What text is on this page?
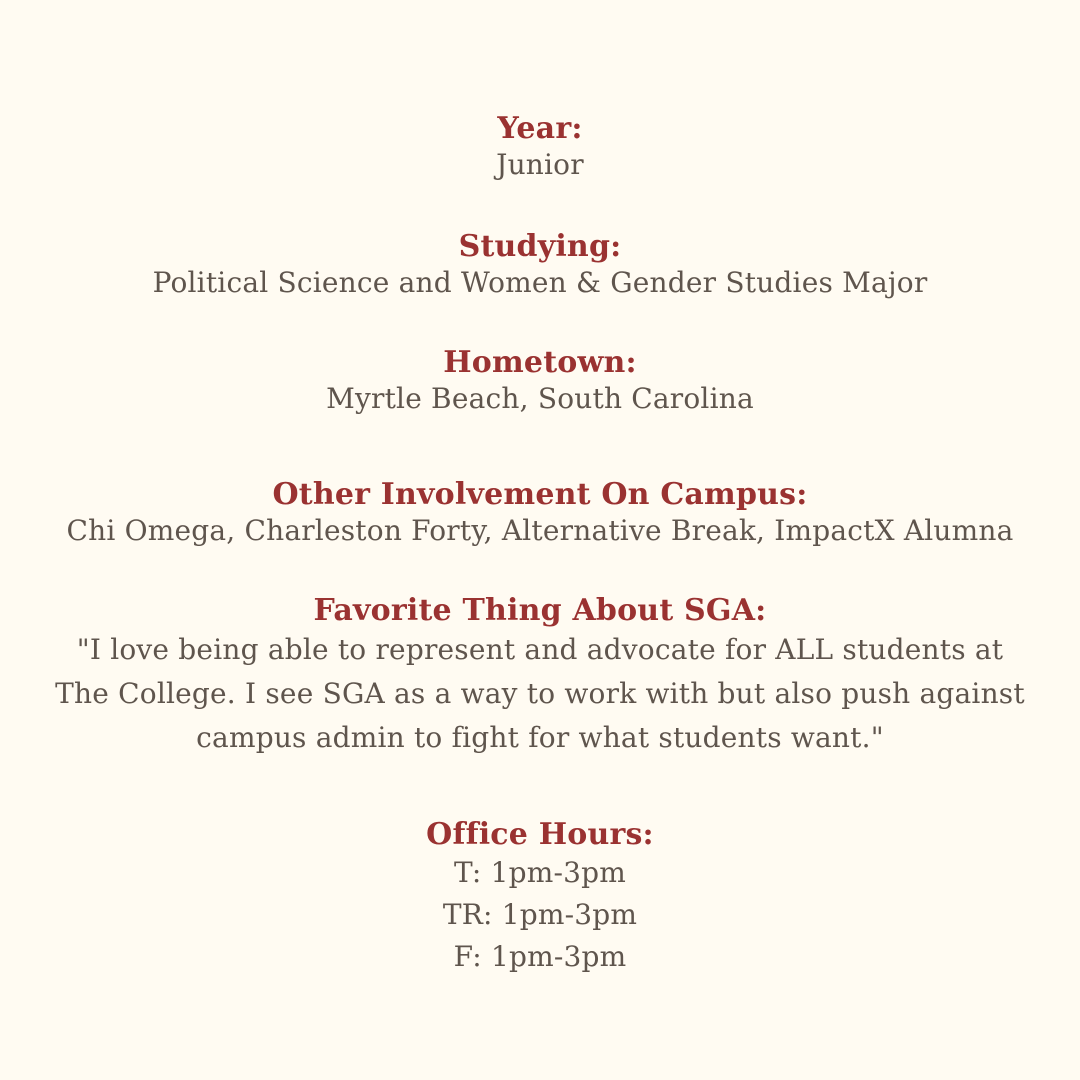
Year:
Junior
Studying:
Political Science and Women & Gender Studies Major
Hometown:
Myrtle Beach, South Carolina
Other Involvement On Campus:
Chi Omega, Charleston Forty, Alternative Break, ImpactX Alumna
Favorite Thing About SGA:
"I love being able to represent and advocate for ALL students at
The College. I see SGA as a way to work with but also push against
campus admin to fight for what students want."
Office Hours:
T: 1pm-3pm
TR: 1pm-3pm
F: 1pm-3pm
